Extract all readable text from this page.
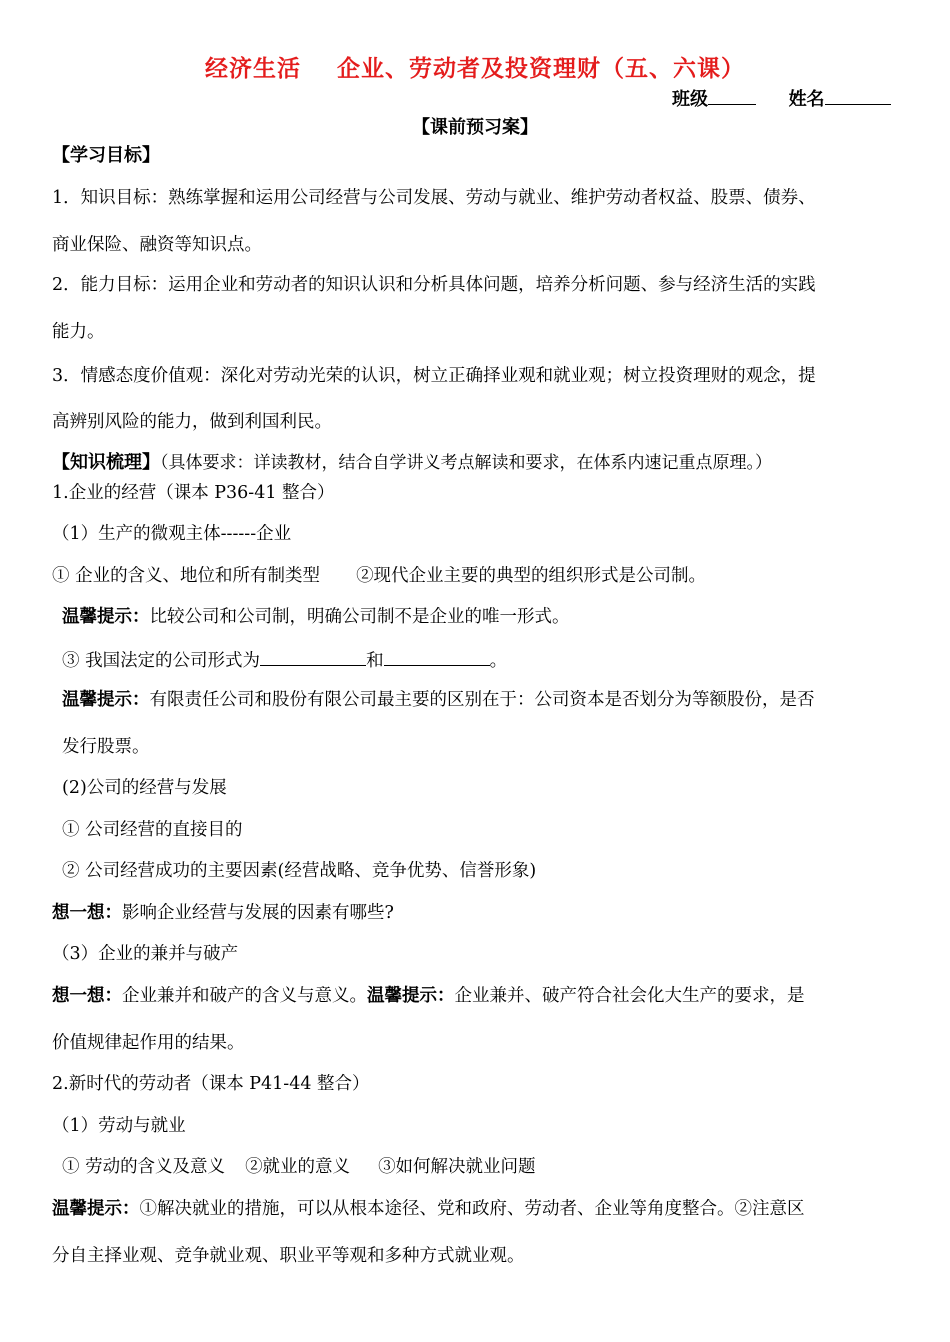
经济生活 企业、劳动者及投资理财（五、六课）
班级	姓名
【课前预习案】
【学习目标】
1．知识目标：熟练掌握和运用公司经营与公司发展、劳动与就业、维护劳动者权益、股票、债券、
商业保险、融资等知识点。
2．能力目标：运用企业和劳动者的知识认识和分析具体问题，培养分析问题、参与经济生活的实践
能力。
3．情感态度价值观：深化对劳动光荣的认识，树立正确择业观和就业观；树立投资理财的观念，提
高辨别风险的能力，做到利国利民。
【知识梳理】（具体要求：详读教材，结合自学讲义考点解读和要求，在体系内速记重点原理。）
1.企业的经营（课本 P36-41 整合）
（1）生产的微观主体------企业
① 企业的含义、地位和所有制类型 ②现代企业主要的典型的组织形式是公司制。
温馨提示：比较公司和公司制，明确公司制不是企业的唯一形式。
③ 我国法定的公司形式为	和	。
温馨提示：有限责任公司和股份有限公司最主要的区别在于：公司资本是否划分为等额股份，是否
发行股票。
(2)公司的经营与发展
① 公司经营的直接目的
② 公司经营成功的主要因素(经营战略、竞争优势、信誉形象)
想一想：影响企业经营与发展的因素有哪些?
（3）企业的兼并与破产
想一想：企业兼并和破产的含义与意义。温馨提示：企业兼并、破产符合社会化大生产的要求，是
价值规律起作用的结果。
2.新时代的劳动者（课本 P41-44 整合）
（1）劳动与就业
① 劳动的含义及意义 ②就业的意义 ③如何解决就业问题
温馨提示：①解决就业的措施，可以从根本途径、党和政府、劳动者、企业等角度整合。②注意区
分自主择业观、竞争就业观、职业平等观和多种方式就业观。
